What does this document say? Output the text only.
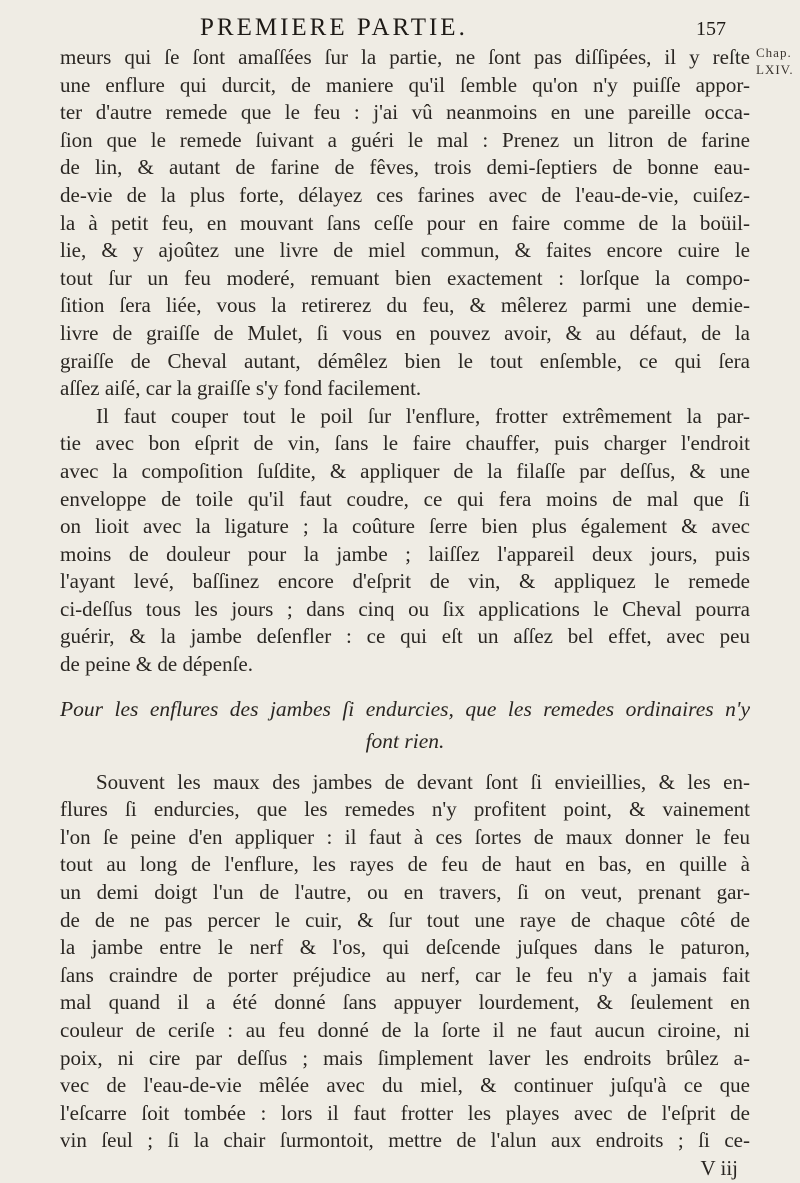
PREMIERE PARTIE.	157
Chap.
LXIV.
meurs qui ſe ſont amaſſées ſur la partie, ne ſont pas diſſipées, il y reſte
une enflure qui durcit, de maniere qu'il ſemble qu'on n'y puiſſe appor-
ter d'autre remede que le feu : j'ai vû neanmoins en une pareille occa-
ſion que le remede ſuivant a guéri le mal : Prenez un litron de farine
de lin, & autant de farine de fêves, trois demi-ſeptiers de bonne eau-
de-vie de la plus forte, délayez ces farines avec de l'eau-de-vie, cuiſez-
la à petit feu, en mouvant ſans ceſſe pour en faire comme de la boüil-
lie, & y ajoûtez une livre de miel commun, & faites encore cuire le
tout ſur un feu moderé, remuant bien exactement : lorſque la compo-
ſition ſera liée, vous la retirerez du feu, & mêlerez parmi une demie-
livre de graiſſe de Mulet, ſi vous en pouvez avoir, & au défaut, de la
graiſſe de Cheval autant, démêlez bien le tout enſemble, ce qui ſera
aſſez aiſé, car la graiſſe s'y fond facilement.
Il faut couper tout le poil ſur l'enflure, frotter extrêmement la par-
tie avec bon eſprit de vin, ſans le faire chauffer, puis charger l'endroit
avec la compoſition ſuſdite, & appliquer de la filaſſe par deſſus, & une
enveloppe de toile qu'il faut coudre, ce qui fera moins de mal que ſi
on lioit avec la ligature ; la coûture ſerre bien plus également & avec
moins de douleur pour la jambe ; laiſſez l'appareil deux jours, puis
l'ayant levé, baſſinez encore d'eſprit de vin, & appliquez le remede
ci-deſſus tous les jours ; dans cinq ou ſix applications le Cheval pourra
guérir, & la jambe deſenfler : ce qui eſt un aſſez bel effet, avec peu
de peine & de dépenſe.
Pour les enflures des jambes ſi endurcies, que les remedes ordinaires n'y
font rien.
Souvent les maux des jambes de devant ſont ſi envieillies, & les en-
flures ſi endurcies, que les remedes n'y profitent point, & vainement
l'on ſe peine d'en appliquer : il faut à ces ſortes de maux donner le feu
tout au long de l'enflure, les rayes de feu de haut en bas, en quille à
un demi doigt l'un de l'autre, ou en travers, ſi on veut, prenant gar-
de de ne pas percer le cuir, & ſur tout une raye de chaque côté de
la jambe entre le nerf & l'os, qui deſcende juſques dans le paturon,
ſans craindre de porter préjudice au nerf, car le feu n'y a jamais fait
mal quand il a été donné ſans appuyer lourdement, & ſeulement en
couleur de ceriſe : au feu donné de la ſorte il ne faut aucun ciroine, ni
poix, ni cire par deſſus ; mais ſimplement laver les endroits brûlez a-
vec de l'eau-de-vie mêlée avec du miel, & continuer juſqu'à ce que
l'eſcarre ſoit tombée : lors il faut frotter les playes avec de l'eſprit de
vin ſeul ; ſi la chair ſurmontoit, mettre de l'alun aux endroits ; ſi ce-
V iij
